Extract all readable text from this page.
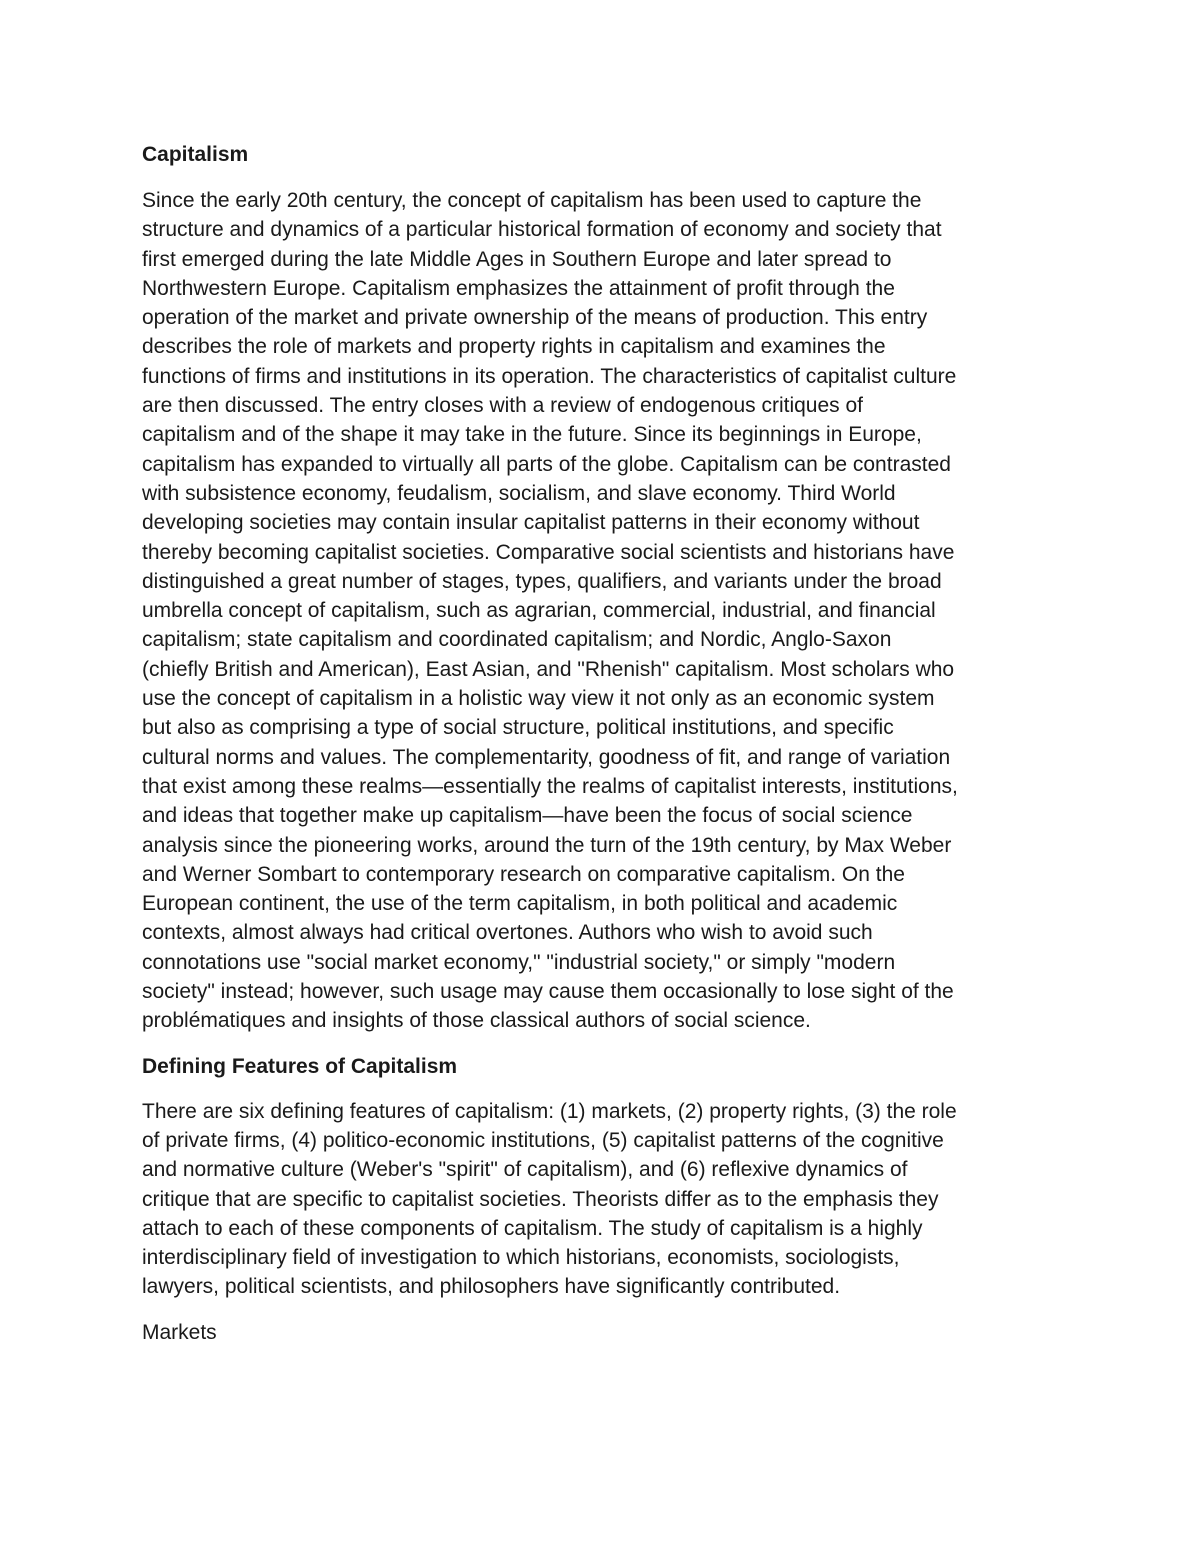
Capitalism
Since the early 20th century, the concept of capitalism has been used to capture the
structure and dynamics of a particular historical formation of economy and society that
first emerged during the late Middle Ages in Southern Europe and later spread to
Northwestern Europe. Capitalism emphasizes the attainment of profit through the
operation of the market and private ownership of the means of production. This entry
describes the role of markets and property rights in capitalism and examines the
functions of firms and institutions in its operation. The characteristics of capitalist culture
are then discussed. The entry closes with a review of endogenous critiques of
capitalism and of the shape it may take in the future. Since its beginnings in Europe,
capitalism has expanded to virtually all parts of the globe. Capitalism can be contrasted
with subsistence economy, feudalism, socialism, and slave economy. Third World
developing societies may contain insular capitalist patterns in their economy without
thereby becoming capitalist societies. Comparative social scientists and historians have
distinguished a great number of stages, types, qualifiers, and variants under the broad
umbrella concept of capitalism, such as agrarian, commercial, industrial, and financial
capitalism; state capitalism and coordinated capitalism; and Nordic, Anglo-Saxon
(chiefly British and American), East Asian, and "Rhenish" capitalism. Most scholars who
use the concept of capitalism in a holistic way view it not only as an economic system
but also as comprising a type of social structure, political institutions, and specific
cultural norms and values. The complementarity, goodness of fit, and range of variation
that exist among these realms—essentially the realms of capitalist interests, institutions,
and ideas that together make up capitalism—have been the focus of social science
analysis since the pioneering works, around the turn of the 19th century, by Max Weber
and Werner Sombart to contemporary research on comparative capitalism. On the
European continent, the use of the term capitalism, in both political and academic
contexts, almost always had critical overtones. Authors who wish to avoid such
connotations use "social market economy," "industrial society," or simply "modern
society" instead; however, such usage may cause them occasionally to lose sight of the
problématiques and insights of those classical authors of social science.
Defining Features of Capitalism
There are six defining features of capitalism: (1) markets, (2) property rights, (3) the role
of private firms, (4) politico-economic institutions, (5) capitalist patterns of the cognitive
and normative culture (Weber's "spirit" of capitalism), and (6) reflexive dynamics of
critique that are specific to capitalist societies. Theorists differ as to the emphasis they
attach to each of these components of capitalism. The study of capitalism is a highly
interdisciplinary field of investigation to which historians, economists, sociologists,
lawyers, political scientists, and philosophers have significantly contributed.
Markets
